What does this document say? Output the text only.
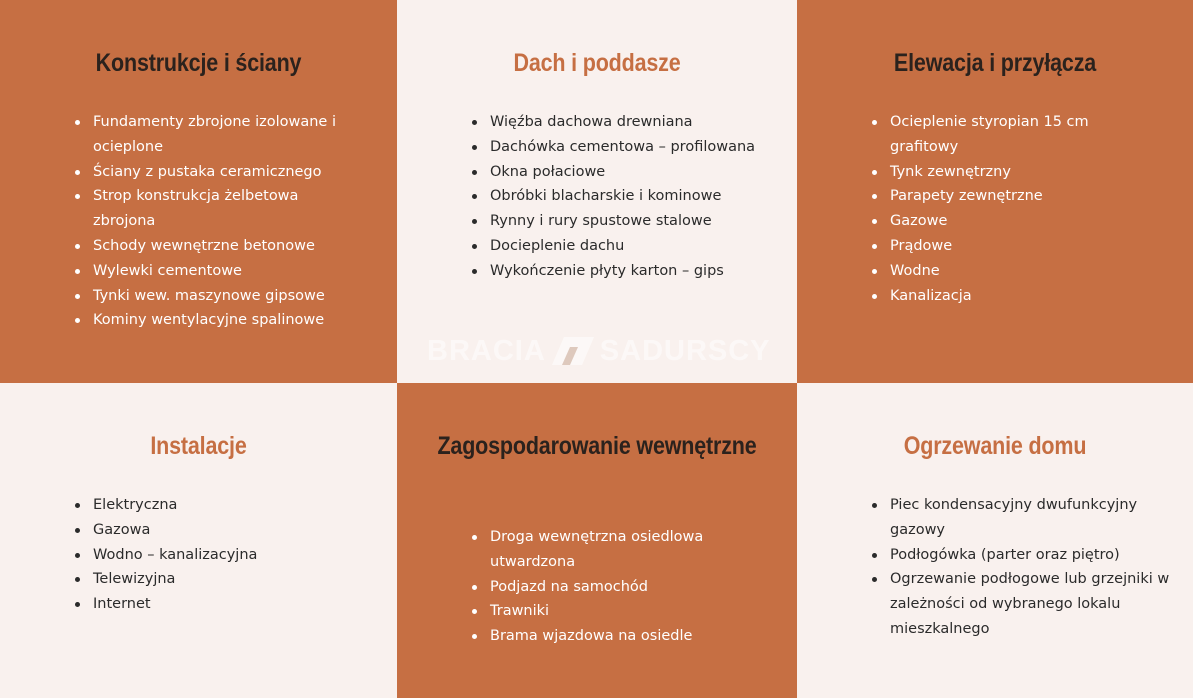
Konstrukcje i ściany
Fundamenty zbrojone izolowane i ocieplone
Ściany z pustaka ceramicznego
Strop konstrukcja żelbetowa zbrojona
Schody wewnętrzne betonowe
Wylewki cementowe
Tynki wew. maszynowe gipsowe
Kominy wentylacyjne spalinowe
Dach i poddasze
Więźba dachowa drewniana
Dachówka cementowa – profilowana
Okna połaciowe
Obróbki blacharskie i kominowe
Rynny i rury spustowe stalowe
Docieplenie dachu
Wykończenie płyty karton – gips
Elewacja i przyłącza
Ocieplenie styropian 15 cm grafitowy
Tynk zewnętrzny
Parapety zewnętrzne
Gazowe
Prądowe
Wodne
Kanalizacja
Instalacje
Elektryczna
Gazowa
Wodno – kanalizacyjna
Telewizyjna
Internet
Zagospodarowanie wewnętrzne
Droga wewnętrzna osiedlowa utwardzona
Podjazd na samochód
Trawniki
Brama wjazdowa na osiedle
Ogrzewanie domu
Piec kondensacyjny dwufunkcyjny gazowy
Podłogówka (parter oraz piętro)
Ogrzewanie podłogowe lub grzejniki w zależności od wybranego lokalu mieszkalnego
BRACIA SADURSCY
